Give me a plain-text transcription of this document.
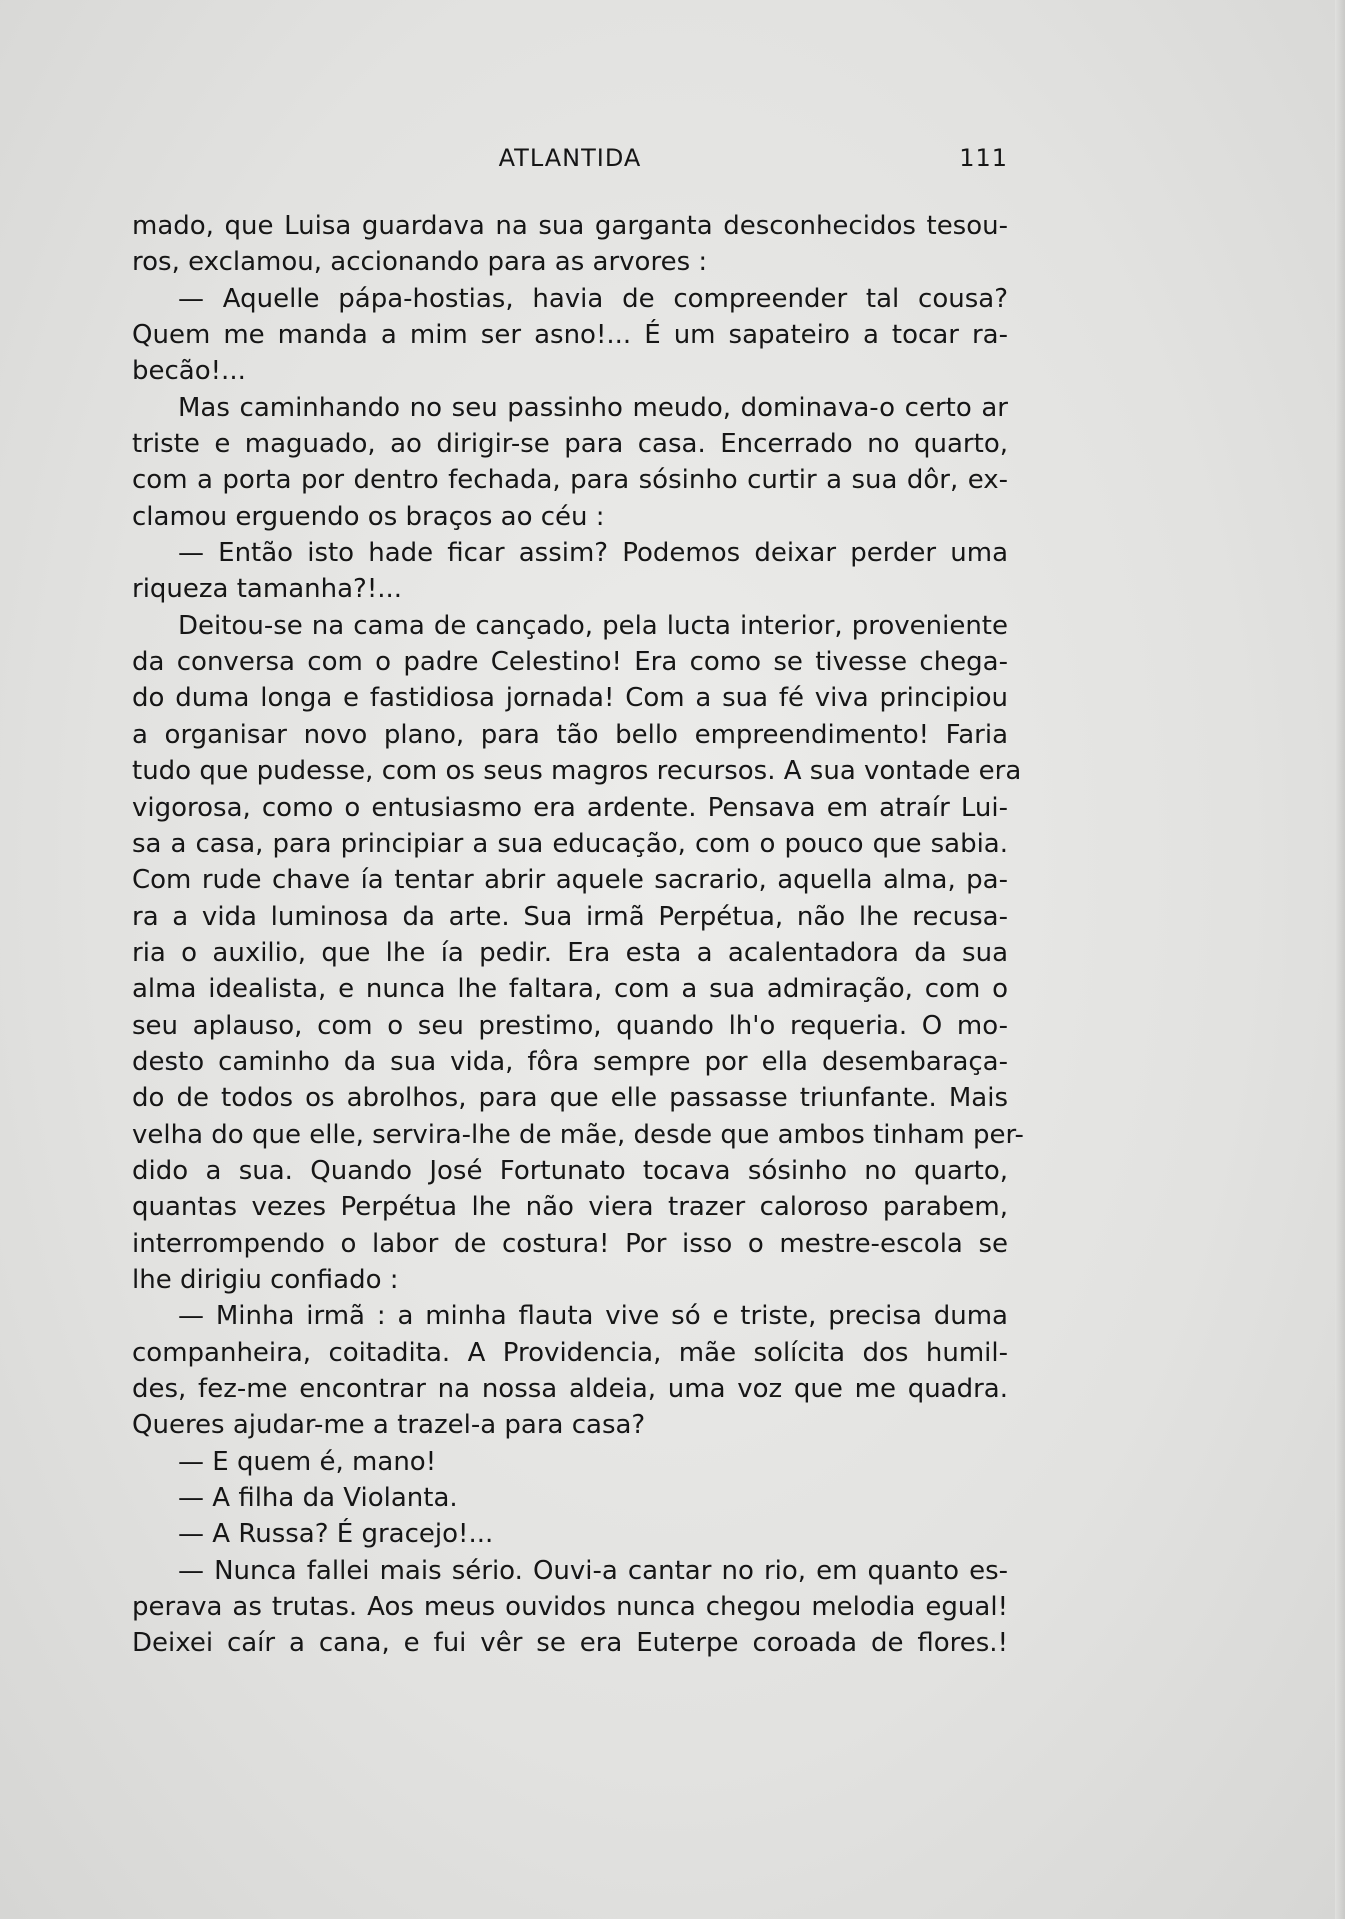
ATLANTIDA	111
mado, que Luisa guardava na sua garganta desconhecidos tesou-
ros, exclamou, accionando para as arvores :
— Aquelle pápa-hostias, havia de compreender tal cousa?
Quem me manda a mim ser asno!... É um sapateiro a tocar ra-
becão!...
Mas caminhando no seu passinho meudo, dominava-o certo ar
triste e maguado, ao dirigir-se para casa. Encerrado no quarto,
com a porta por dentro fechada, para sósinho curtir a sua dôr, ex-
clamou erguendo os braços ao céu :
— Então isto hade ficar assim? Podemos deixar perder uma
riqueza tamanha?!...
Deitou-se na cama de cançado, pela lucta interior, proveniente
da conversa com o padre Celestino! Era como se tivesse chega-
do duma longa e fastidiosa jornada! Com a sua fé viva principiou
a organisar novo plano, para tão bello empreendimento! Faria
tudo que pudesse, com os seus magros recursos. A sua vontade era
vigorosa, como o entusiasmo era ardente. Pensava em atraír Lui-
sa a casa, para principiar a sua educação, com o pouco que sabia.
Com rude chave ía tentar abrir aquele sacrario, aquella alma, pa-
ra a vida luminosa da arte. Sua irmã Perpétua, não lhe recusa-
ria o auxilio, que lhe ía pedir. Era esta a acalentadora da sua
alma idealista, e nunca lhe faltara, com a sua admiração, com o
seu aplauso, com o seu prestimo, quando lh'o requeria. O mo-
desto caminho da sua vida, fôra sempre por ella desembaraça-
do de todos os abrolhos, para que elle passasse triunfante. Mais
velha do que elle, servira-lhe de mãe, desde que ambos tinham per-
dido a sua. Quando José Fortunato tocava sósinho no quarto,
quantas vezes Perpétua lhe não viera trazer caloroso parabem,
interrompendo o labor de costura! Por isso o mestre-escola se
lhe dirigiu confiado :
— Minha irmã : a minha flauta vive só e triste, precisa duma
companheira, coitadita. A Providencia, mãe solícita dos humil-
des, fez-me encontrar na nossa aldeia, uma voz que me quadra.
Queres ajudar-me a trazel-a para casa?
— E quem é, mano!
— A filha da Violanta.
— A Russa? É gracejo!...
— Nunca fallei mais sério. Ouvi-a cantar no rio, em quanto es-
perava as trutas. Aos meus ouvidos nunca chegou melodia egual!
Deixei caír a cana, e fui vêr se era Euterpe coroada de flores.!
